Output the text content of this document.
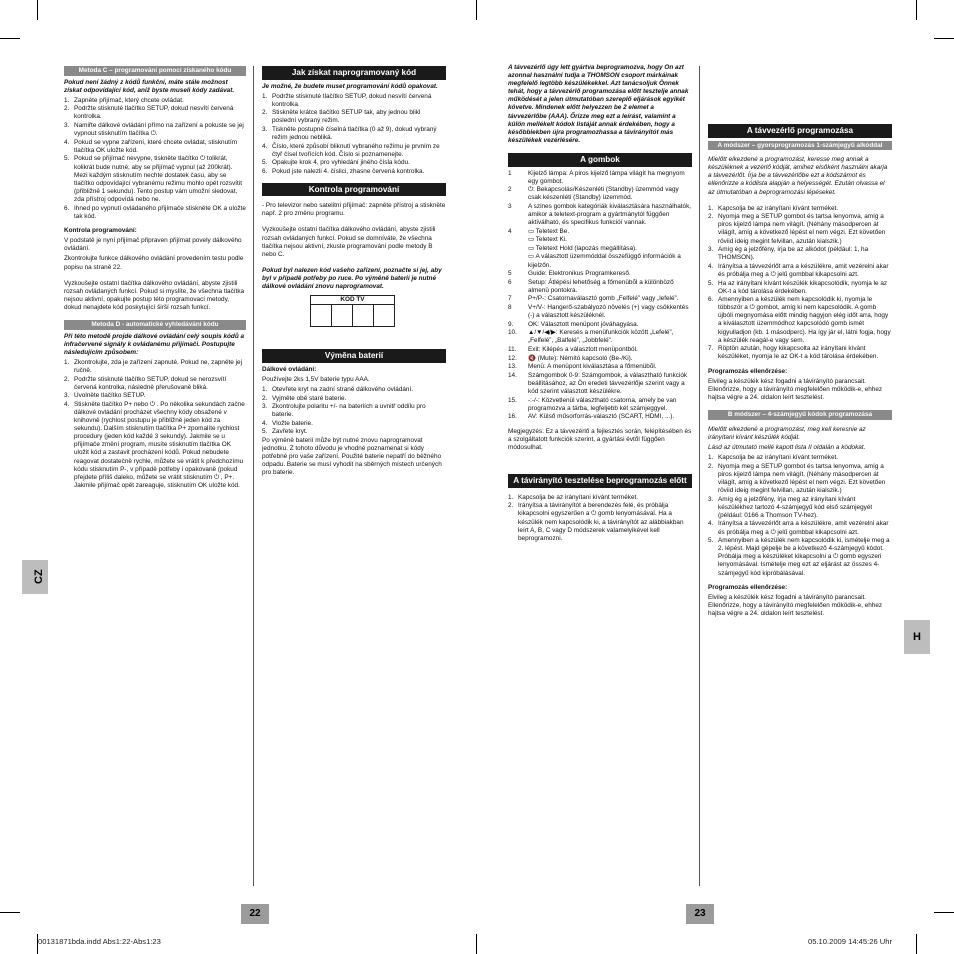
CZ
H
22	23
00131871bda.indd Abs1:22-Abs1:23	05.10.2009 14:45:26 Uhr
Metoda C – programování pomocí získaného kódu

Pokud není žádný z kódů funkční, máte stále možnost získat odpovídající kód, aniž byste museli kódy zadávat.

1. Zapněte přijímač, který chcete ovládat.
2. Podržte stisknuté tlačítko SETUP, dokud nesvítí červená kontrolka.
3. Namiřte dálkové ovládání přímo na zařízení a pokuste se jej vypnout stisknutím tlačítka ⏻.
4. Pokud se vypne zařízení, které chcete ovládat, stisknutím tlačítka OK uložte kód.
5. Pokud se přijímač nevypne, tiskněte tlačítko ⏻ tolikrát, kolikrát bude nutné, aby se přijímač vypnul (až 200krát). Mezi každým stisknutím nechte dostatek času, aby se tlačítko odpovídající vybranému režimu mohlo opět rozsvítit (přibližně 1 sekundu). Tento postup vám umožní sledovat, zda přístroj odpovídá nebo ne.
6. Ihned po vypnutí ovládaného přijímače stiskněte OK a uložte tak kód.

Kontrola programování:

V podstatě je nyní přijímač připraven přijímat povely dálkového ovládání.

Zkontrolujte funkce dálkového ovládání provedením testu podle popisu na straně 22.

Vyzkoušejte ostatní tlačítka dálkového ovládání, abyste zjistili rozsah ovládaných funkcí. Pokud si myslíte, že všechna tlačítka nejsou aktivní, opakujte postup této programovací metody, dokud nenajdete kód poskytující širší rozsah funkcí.

Metoda D - automatické vyhledávání kódu

Při této metodě projde dálkové ovládání celý soupis kódů a infračervené signály k ovládanému přijímači. Postupujte následujícím způsobem:

1. Zkontrolujte, zda je zařízení zapnuté. Pokud ne, zapněte jej ručně.
2. Podržte stisknuté tlačítko SETUP, dokud se nerozsvítí červená kontrolka, následně přerušovaně bliká.
3. Uvolněte tlačítko SETUP.
4. Stiskněte tlačítko P+ nebo ⏻ . Po několika sekundách začne dálkové ovládání procházet všechny kódy obsažené v knihovně (rychlost postupu je přibližně jeden kód za sekundu). Dalším stisknutím tlačítka P+ zpomalíte rychlost procedury (jeden kód každé 3 sekundy). Jakmile se u přijímače změní program, musíte stisknutím tlačítka OK uložit kód a zastavit procházení kódů. Pokud nebudete reagovat dostatečně rychle, můžete se vrátit k předchozímu kódu stisknutím P-, v případě potřeby i opakovaně (pokud přejdete příliš daleko, můžete se vrátit stisknutím ⏻ , P+. Jakmile přijímač opět zareaguje, stisknutím OK uložte kód.
Jak získat naprogramovaný kód

Je možné, že budete muset programování kódů opakovat.

1. Podržte stisknuté tlačítko SETUP, dokud nesvítí červená kontrolka.
2. Stiskněte krátce tlačítko SETUP tak, aby jednou blikl poslední vybraný režim.
3. Tiskněte postupně číselná tlačítka (0 až 9), dokud vybraný režim jednou nebliká.
4. Číslo, které způsobí bliknutí vybraného režimu je prvním ze čtyř čísel tvořících kód. Číslo si poznamenejte.
5. Opakujte krok 4, pro vyhledání jiného čísla kódu.
6. Pokud jste nalezli 4. číslici, zhasne červená kontrolka.
Kontrola programování

- Pro televizor nebo satelitní přijímač: zapněte přístroj a stiskněte např. 2 pro změnu programu.

Vyzkoušejte ostatní tlačítka dálkového ovládání, abyste zjistili rozsah ovládaných funkcí. Pokud se domníváte, že všechna tlačítka nejsou aktivní, zkuste programování podle metody B nebo C.

Pokud byl nalezen kód vašeho zařízení, poznačte si jej, aby byl v případě potřeby po ruce. Po výměně baterií je nutné dálkové ovládání znovu naprogramovat.

KÓD TV

Výměna baterií

Dálkové ovládání:

Používejte 2ks 1,5V baterie typu AAA.

1. Otevřete kryt na zadní straně dálkového ovládání.
2. Vyjměte obě staré baterie.
3. Zkontrolujte polaritu +/- na bateriích a uvnitř oddílu pro baterie.
4. Vložte baterie.
5. Zavřete kryt.

Po výměně baterií může být nutné znovu naprogramovat jednotku. Z tohoto důvodu je vhodné poznamenat si kódy potřebné pro vaše zařízení. Použité baterie nepatří do běžného odpadu. Baterie se musí vyhodit na sběrných místech určených pro baterie.

A távvezérlő úgy lett gyártva beprogramozva, hogy Ön azt azonnal használni tudja a THOMSON csoport márkáinak megfelelő legtöbb készülékekkel. Azt tanácsoljuk Önnek tehát, hogy a távvezérlő programozása előtt tesztelje annak működését a jelen útmutatóban szereplő eljárások egyikét követve. Mindenek előtt helyezzen be 2 elemet a távvezérlőbe (AAA). Őrizze meg ezt a leírást, valamint a külön mellékelt kódok listáját annak érdekében, hogy a későbbiekben újra programozhassa a távirányítót más készülékek vezérlésére.

A gombok
1	Kijelző lámpa: A piros kijelző lámpa világít ha megnyom egy gombot.
2	⏻: Bekapcsolás/Készenléti (Standby) üzemmód vagy csak készenléti (Standby) üzemmód.
3	A szines gombok kategóriák kiválasztására használhatók, amikor a teletext-program a gyártmánytól függően aktiválható, és specifikus funkcióí vannak.
4	▭ Teletext Be.
▭ Teletext Ki.
▭ Teletext Hold (lapozás megállítása).
▭ A választott üzemmóddal összefüggő információk a kijelzőn.
5	Guide: Elektronikus Programkereső.
6	Setup: Átlépési lehetőség a főmenübõl a különböző almenü pontokra.
7	P+/P-: Csatornaválasztó gomb „Felfelé” vagy „lefelé”.
8	V+/V-: Hangerő-szabályozó növelés (+) vagy csökkentés (-) a választott készüléknél.
9. OK: Választott menüpont jóváhagyása.
10. ▲/▼/◀/▶: Keresés a menüfunkciók között „Lefelé”, „Felfelé”, „Balfelé”, „Jobbfelé”.
11. Exit: Kilépés a választott menüpontból.
12. 🔇 (Mute): Némító kapcsoló (Be-/Ki).
13. Menü: A menüpont kiválasztása a főmenübõl.
14. Számgombok 0-9: Számgombok, a választható funkciók beállításához, az Ön eredeti távvezérlője szerint vagy a kód szerint választott készülékre.
15. -:-/-: Közvetlenül választható csatorna, amely be van programozva a tárba, legfeljebb két számjeggyel.
16. AV: Külső műsorforrás-választó (SCART, HDMI, ...).

Megjegyzés: Ez a távvezérlő a fejlesztés során, felépítésében és a szolgáltatott funkciók szerint, a gyártási évtől függően módosulhat.

A távirányító tesztelése beprogramozás előtt
1. Kapcsolja be az irányítani kívánt terméket.
2. Irányítsa a távirányítót a berendezés felé, és próbálja kikapcsolni egyszerűen a ⏻ gomb lenyomásával. Ha a készülék nem kapcsolódik ki, a távirányítót az alábbiakban leírt A, B, C vagy D módszerek valamelyikével kell beprogramozni.
A távvezérlő programozása
A módszer – gyorsprogramozás 1-számjegyű alkóddal

Mielőtt elkezdené a programozást, keresse meg annak a készüléknek a vezérlő kódját, amihez elsőként használni akarja a távvezérlőt. Írja be a távvezérlőbe ezt a kódszámot és ellenőrizze a kódlista alapján a helyességét. Ezután olvassa el az útmutatóban a beprogramozási lépéseket.

1. Kapcsolja be az irányítani kívánt terméket.
2. Nyomja meg a SETUP gombot és tartsa lenyomva, amíg a piros kijelző lámpa nem világít. (Néhány másodpercen át világít, amíg a következő lépést el nem végzi. Ezt követően röviid ideig megint felvillan, azután kialszik.)
3. Amíg ég a jelzőfény, írja be az alkódot (például: 1, ha THOMSON).
4. Irányítsa a távvezérlőt arra a készülékre, amit vezérelni akar és próbálja meg a ⏻ jelű gombbal kikapcsolni azt.
5. Ha az irányítani kívánt készülék kikapcsolódik, nyomja le az OK-t a kód tárolása érdekében.
6. Amennyiben a készülék nem kapcsolódik ki, nyomja le többször a ⏻ gombot, amíg ki nem kapcsolódik. A gomb újbóli megnyomása előtt mindig hagyjon elég időt arra, hogy a kiválasztott üzemmódhoz kapcsolódó gomb ismét kigyulladjon (kb. 1 másodperc). Ha így jár el, látni fogja, hogy a készülék reagál-e vagy sem.
7. Röptön azután, hogy kikapcsolta az irányítani kívánt készüléket, nyomja le az OK-t a kód tárolása érdekében.

Programozás ellenőrzése:

Elvileg a készülék kész fogadni a távirányító parancsait. Ellenőrizze, hogy a távirányító megfelelően működik-e, ehhez hajtsa végre a 24. oldalon leírt tesztelést.

B módszer – 4-számjegyű kódok programozása

Mielőtt elkezdené a programozást, meg kell keresnie az irányítani kívánt készülék kódját.

Lásd az útmutató mellé kapott lista II oldalán a kódokat.

1. Kapcsolja be az irányítani kívánt terméket.
2. Nyomja meg a SETUP gombot és tartsa lenyomva, amíg a piros kijelző lámpa nem világít. (Néhány másodpercen át világít, amíg a következő lépést el nem végzi. Ezt követően röviid ideig megint felvillan, azután kialszik.)
3. Amíg ég a jelzőfény, írja meg az irányítani kívánt készülékhez tartozó 4-számjegyű kód első számjegyét (például: 0166 a Thomson TV-hez).
4. Irányítsa a távvezérlőt arra a készülékre, amit vezérelni akar és próbálja meg a ⏻ jelű gombbal kikapcsolni azt.
5. Amennyiben a készülék nem kapcsolódik ki, ismételje meg a 2. lépést. Majd gépelje be a következő 4-számjegyű kódot. Próbálja meg a készüléket kikapcsolni a ⏻ gomb egyszeri lenyomásával. Ismételje meg ezt az eljárást az összes 4-számjegyű kód kipróbálásával.

Programozás ellenőrzése:

Elvileg a készülék kész fogadni a távirányító parancsait. Ellenőrizze, hogy a távirányító megfelelően működik-e, ehhez hajtsa végre a 24. oldalon leírt tesztelést.
